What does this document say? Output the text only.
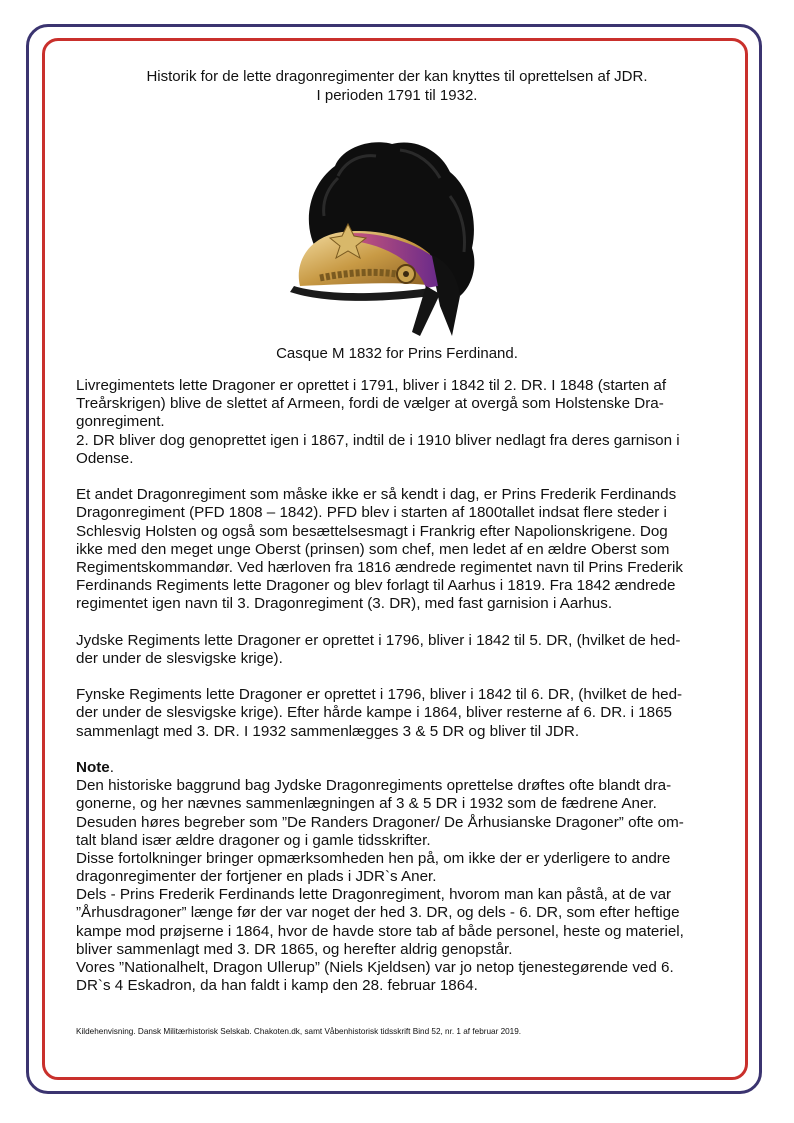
Historik for de lette dragonregimenter der kan knyttes til oprettelsen af JDR.
I perioden 1791 til 1932.
Casque M 1832 for Prins Ferdinand.
Livregimentets lette Dragoner er oprettet i 1791, bliver i 1842 til 2. DR. I 1848 (starten af
Treårskrigen) blive de slettet af Armeen, fordi de vælger at overgå som Holstenske Dra-
gonregiment.
2. DR bliver dog genoprettet igen i 1867, indtil de i 1910 bliver nedlagt fra deres garnison i
Odense.
Et andet Dragonregiment som måske ikke er så kendt i dag, er Prins Frederik Ferdinands
Dragonregiment (PFD 1808 – 1842). PFD blev i starten af 1800tallet indsat flere steder i
Schlesvig Holsten og også som besættelsesmagt i Frankrig efter Napolionskrigene. Dog
ikke med den meget unge Oberst (prinsen) som chef, men ledet af en ældre Oberst som
Regimentskommandør. Ved hærloven fra 1816 ændrede regimentet navn til Prins Frederik
Ferdinands Regiments lette Dragoner og blev forlagt til Aarhus i 1819. Fra 1842 ændrede
regimentet igen navn til 3. Dragonregiment (3. DR), med fast garnision i Aarhus.
Jydske Regiments lette Dragoner er oprettet i 1796, bliver i 1842 til 5. DR, (hvilket de hed-
der under de slesvigske krige).
Fynske Regiments lette Dragoner er oprettet i 1796, bliver i 1842 til 6. DR, (hvilket de hed-
der under de slesvigske krige). Efter hårde kampe i 1864, bliver resterne af 6. DR. i 1865
sammenlagt med 3. DR. I 1932 sammenlægges 3 & 5 DR og bliver til JDR.
Note.
Den historiske baggrund bag Jydske Dragonregiments oprettelse drøftes ofte blandt dra-
gonerne, og her nævnes sammenlægningen af 3 & 5 DR i 1932 som de fædrene Aner.
Desuden høres begreber som ”De Randers Dragoner/ De Århusianske Dragoner” ofte om-
talt bland især ældre dragoner og i gamle tidsskrifter.
Disse fortolkninger bringer opmærksomheden hen på, om ikke der er yderligere to andre
dragonregimenter der fortjener en plads i JDR`s Aner.
Dels - Prins Frederik Ferdinands lette Dragonregiment, hvorom man kan påstå, at de var
”Århusdragoner” længe før der var noget der hed 3. DR, og dels - 6. DR, som efter heftige
kampe mod prøjserne i 1864, hvor de havde store tab af både personel, heste og materiel,
bliver sammenlagt med 3. DR 1865, og herefter aldrig genopstår.
Vores ”Nationalhelt, Dragon Ullerup” (Niels Kjeldsen) var jo netop tjenestegørende ved 6.
DR`s 4 Eskadron, da han faldt i kamp den 28. februar 1864.
Kildehenvisning. Dansk Militærhistorisk Selskab. Chakoten.dk, samt Våbenhistorisk tidsskrift Bind 52, nr. 1 af februar 2019.
